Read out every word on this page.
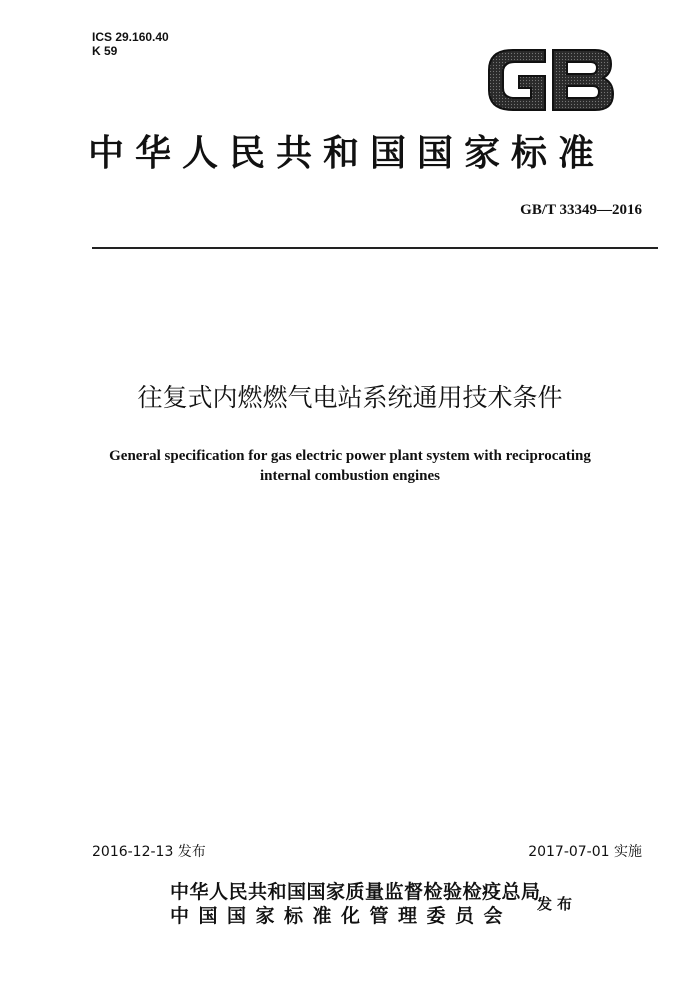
ICS 29.160.40
K 59
中华人民共和国国家标准
GB/T 33349—2016
往复式内燃燃气电站系统通用技术条件
General specification for gas electric power plant system with reciprocating
internal combustion engines
2016-12-13 发布	2017-07-01 实施
中华人民共和国国家质量监督检验检疫总局
中国国家标准化管理委员会
发布
